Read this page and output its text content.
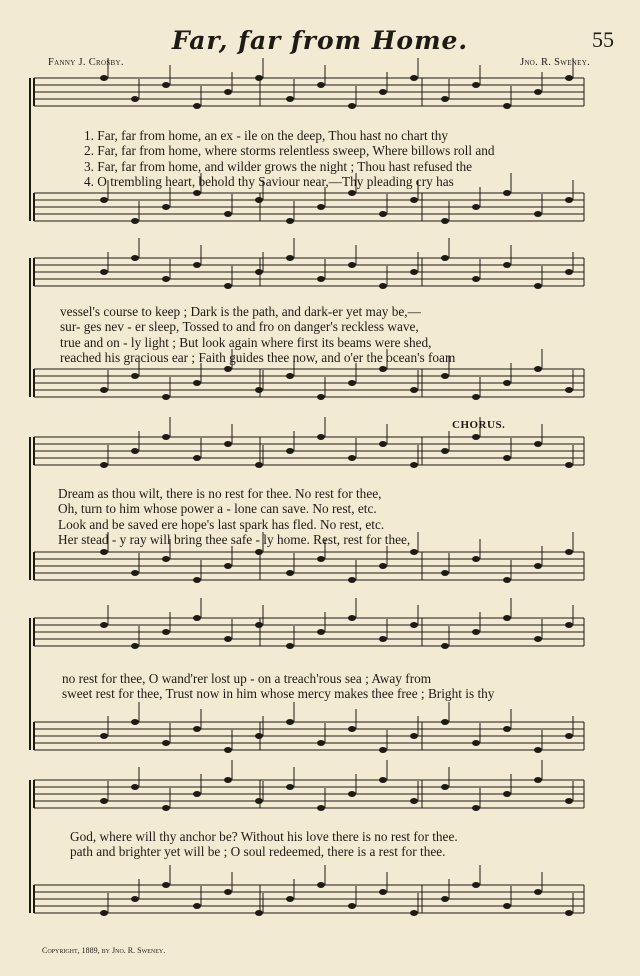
Far, far from Home.	55
Fanny J. Crosby.	Jno. R. Sweney.
1. Far, far from home, an ex - ile on the deep, Thou hast no chart thy
2. Far, far from home, where storms relentless sweep, Where billows roll and
3. Far, far from home, and wilder grows the night ; Thou hast refused the
4. O trembling heart, behold thy Saviour near,—Thy pleading cry has
vessel's course to keep ; Dark is the path, and dark-er yet may be,—
sur- ges nev - er sleep, Tossed to and fro on danger's reckless wave,
true and on - ly light ; But look again where first its beams were shed,
reached his gracious ear ; Faith guides thee now, and o'er the ocean's foam
CHORUS.
Dream as thou wilt, there is no rest for thee. No rest for thee,
Oh, turn to him whose power a - lone can save. No rest, etc.
Look and be saved ere hope's last spark has fled. No rest, etc.
Her stead - y ray will bring thee safe - ly home. Rest, rest for thee,
no rest for thee, O wand'rer lost up - on a treach'rous sea ; Away from
sweet rest for thee, Trust now in him whose mercy makes thee free ; Bright is thy
God, where will thy anchor be? Without his love there is no rest for thee.
path and brighter yet will be ; O soul redeemed, there is a rest for thee.
Copyright, 1889, by Jno. R. Sweney.
